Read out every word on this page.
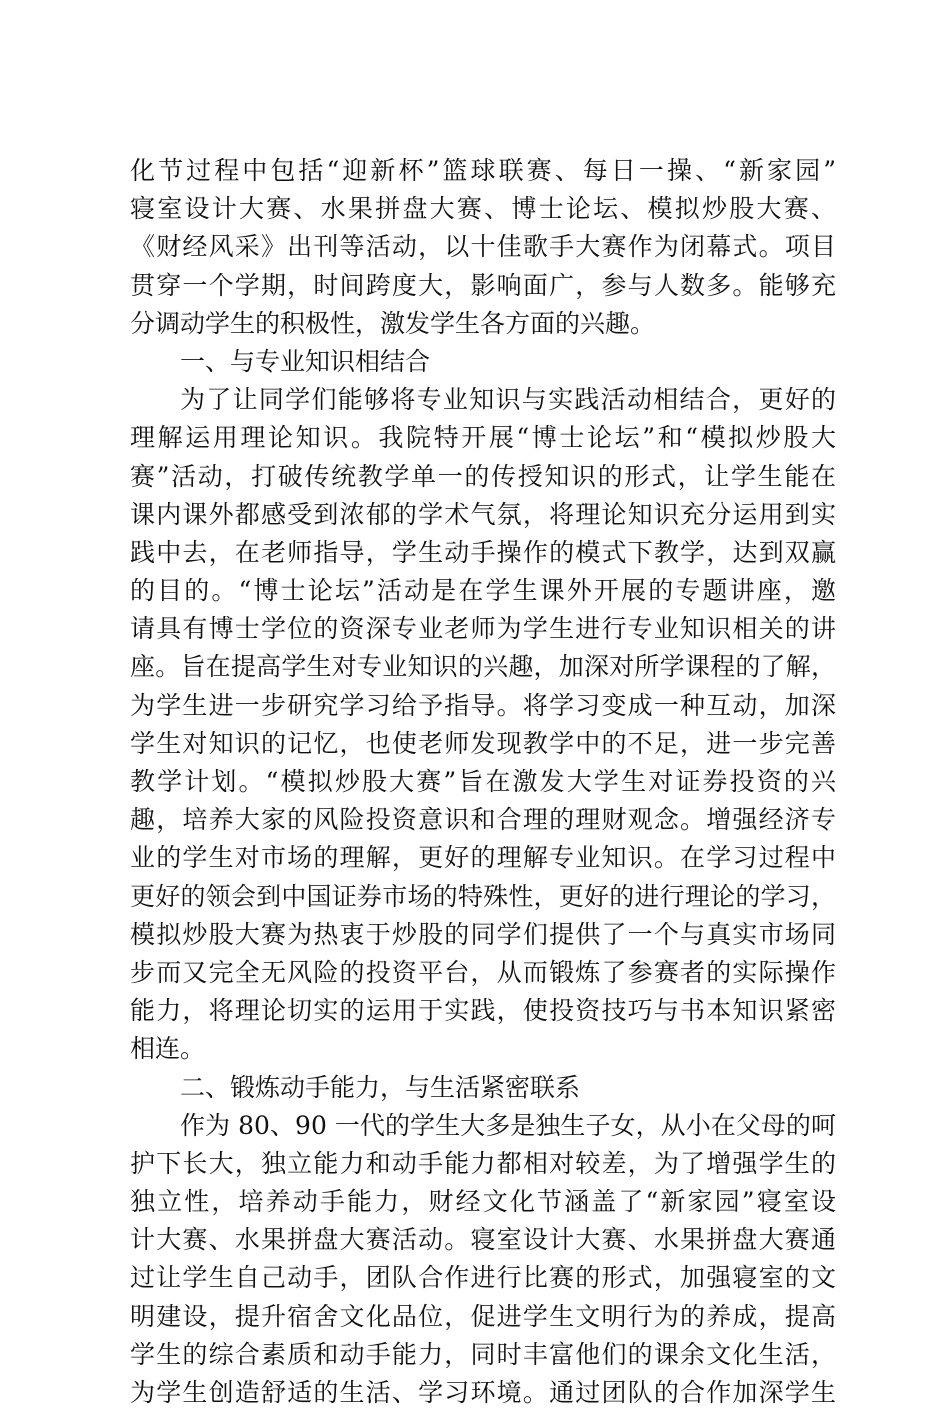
化节过程中包括“迎新杯”篮球联赛、每日一操、“新家园”
寝室设计大赛、水果拼盘大赛、博士论坛、模拟炒股大赛、
《财经风采》出刊等活动，以十佳歌手大赛作为闭幕式。项目
贯穿一个学期，时间跨度大，影响面广，参与人数多。能够充
分调动学生的积极性，激发学生各方面的兴趣。
一、与专业知识相结合
为了让同学们能够将专业知识与实践活动相结合，更好的
理解运用理论知识。我院特开展“博士论坛”和“模拟炒股大
赛”活动，打破传统教学单一的传授知识的形式，让学生能在
课内课外都感受到浓郁的学术气氛，将理论知识充分运用到实
践中去，在老师指导，学生动手操作的模式下教学，达到双赢
的目的。“博士论坛”活动是在学生课外开展的专题讲座，邀
请具有博士学位的资深专业老师为学生进行专业知识相关的讲
座。旨在提高学生对专业知识的兴趣，加深对所学课程的了解，
为学生进一步研究学习给予指导。将学习变成一种互动，加深
学生对知识的记忆，也使老师发现教学中的不足，进一步完善
教学计划。“模拟炒股大赛”旨在激发大学生对证券投资的兴
趣，培养大家的风险投资意识和合理的理财观念。增强经济专
业的学生对市场的理解，更好的理解专业知识。在学习过程中
更好的领会到中国证券市场的特殊性，更好的进行理论的学习，
模拟炒股大赛为热衷于炒股的同学们提供了一个与真实市场同
步而又完全无风险的投资平台，从而锻炼了参赛者的实际操作
能力，将理论切实的运用于实践，使投资技巧与书本知识紧密
相连。
二、锻炼动手能力，与生活紧密联系
作为 80、90 一代的学生大多是独生子女，从小在父母的呵
护下长大，独立能力和动手能力都相对较差，为了增强学生的
独立性，培养动手能力，财经文化节涵盖了“新家园”寝室设
计大赛、水果拼盘大赛活动。寝室设计大赛、水果拼盘大赛通
过让学生自己动手，团队合作进行比赛的形式，加强寝室的文
明建设，提升宿舍文化品位，促进学生文明行为的养成，提高
学生的综合素质和动手能力，同时丰富他们的课余文化生活，
为学生创造舒适的生活、学习环境。通过团队的合作加深学生
